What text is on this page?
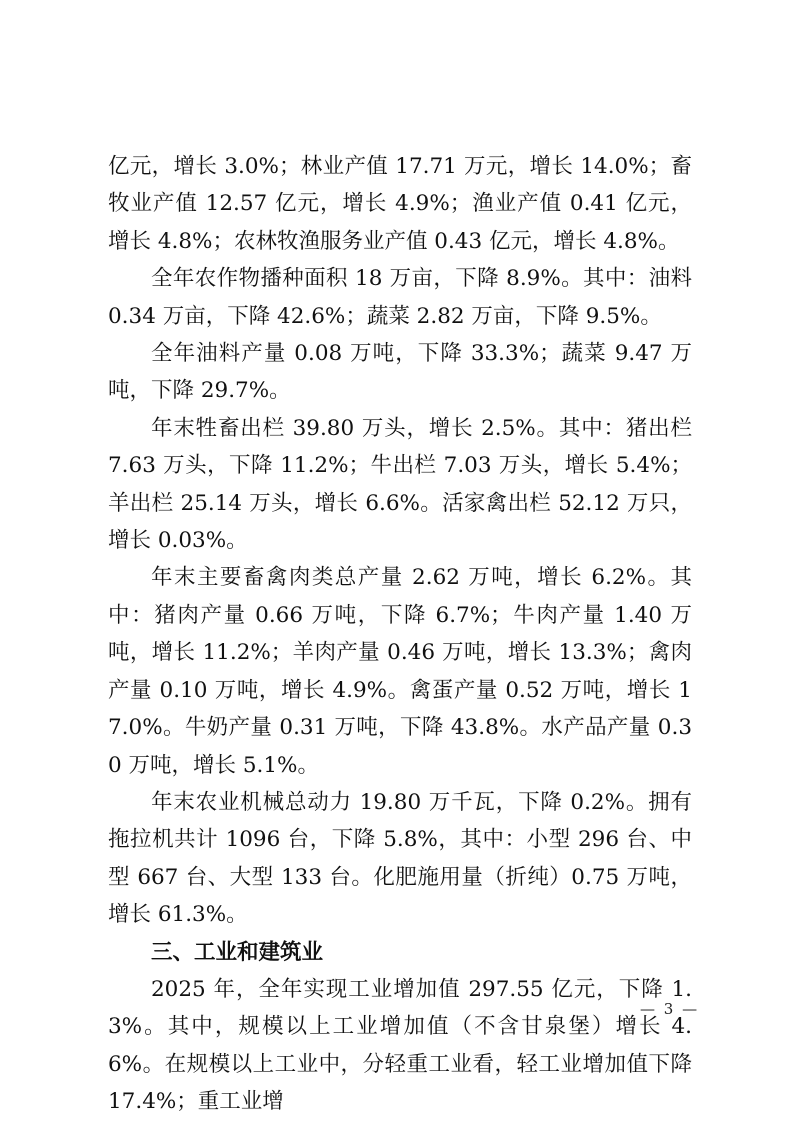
亿元，增长 3.0%；林业产值 17.71 万元，增长 14.0%；畜牧业产值 12.57 亿元，增长 4.9%；渔业产值 0.41 亿元，增长 4.8%；农林牧渔服务业产值 0.43 亿元，增长 4.8%。

全年农作物播种面积 18 万亩，下降 8.9%。其中：油料 0.34 万亩，下降 42.6%；蔬菜 2.82 万亩，下降 9.5%。

全年油料产量 0.08 万吨，下降 33.3%；蔬菜 9.47 万吨，下降 29.7%。

年末牲畜出栏 39.80 万头，增长 2.5%。其中：猪出栏 7.63 万头，下降 11.2%；牛出栏 7.03 万头，增长 5.4%；羊出栏 25.14 万头，增长 6.6%。活家禽出栏 52.12 万只，增长 0.03%。

年末主要畜禽肉类总产量 2.62 万吨，增长 6.2%。其中：猪肉产量 0.66 万吨，下降 6.7%；牛肉产量 1.40 万吨，增长 11.2%；羊肉产量 0.46 万吨，增长 13.3%；禽肉产量 0.10 万吨，增长 4.9%。禽蛋产量 0.52 万吨，增长 17.0%。牛奶产量 0.31 万吨，下降 43.8%。水产品产量 0.30 万吨，增长 5.1%。

年末农业机械总动力 19.80 万千瓦，下降 0.2%。拥有拖拉机共计 1096 台，下降 5.8%，其中：小型 296 台、中型 667 台、大型 133 台。化肥施用量（折纯）0.75 万吨，增长 61.3%。

三、工业和建筑业

2025 年，全年实现工业增加值 297.55 亿元，下降 1.3%。其中，规模以上工业增加值（不含甘泉堡）增长 4.6%。在规模以上工业中，分轻重工业看，轻工业增加值下降 17.4%；重工业增

— 3 —
